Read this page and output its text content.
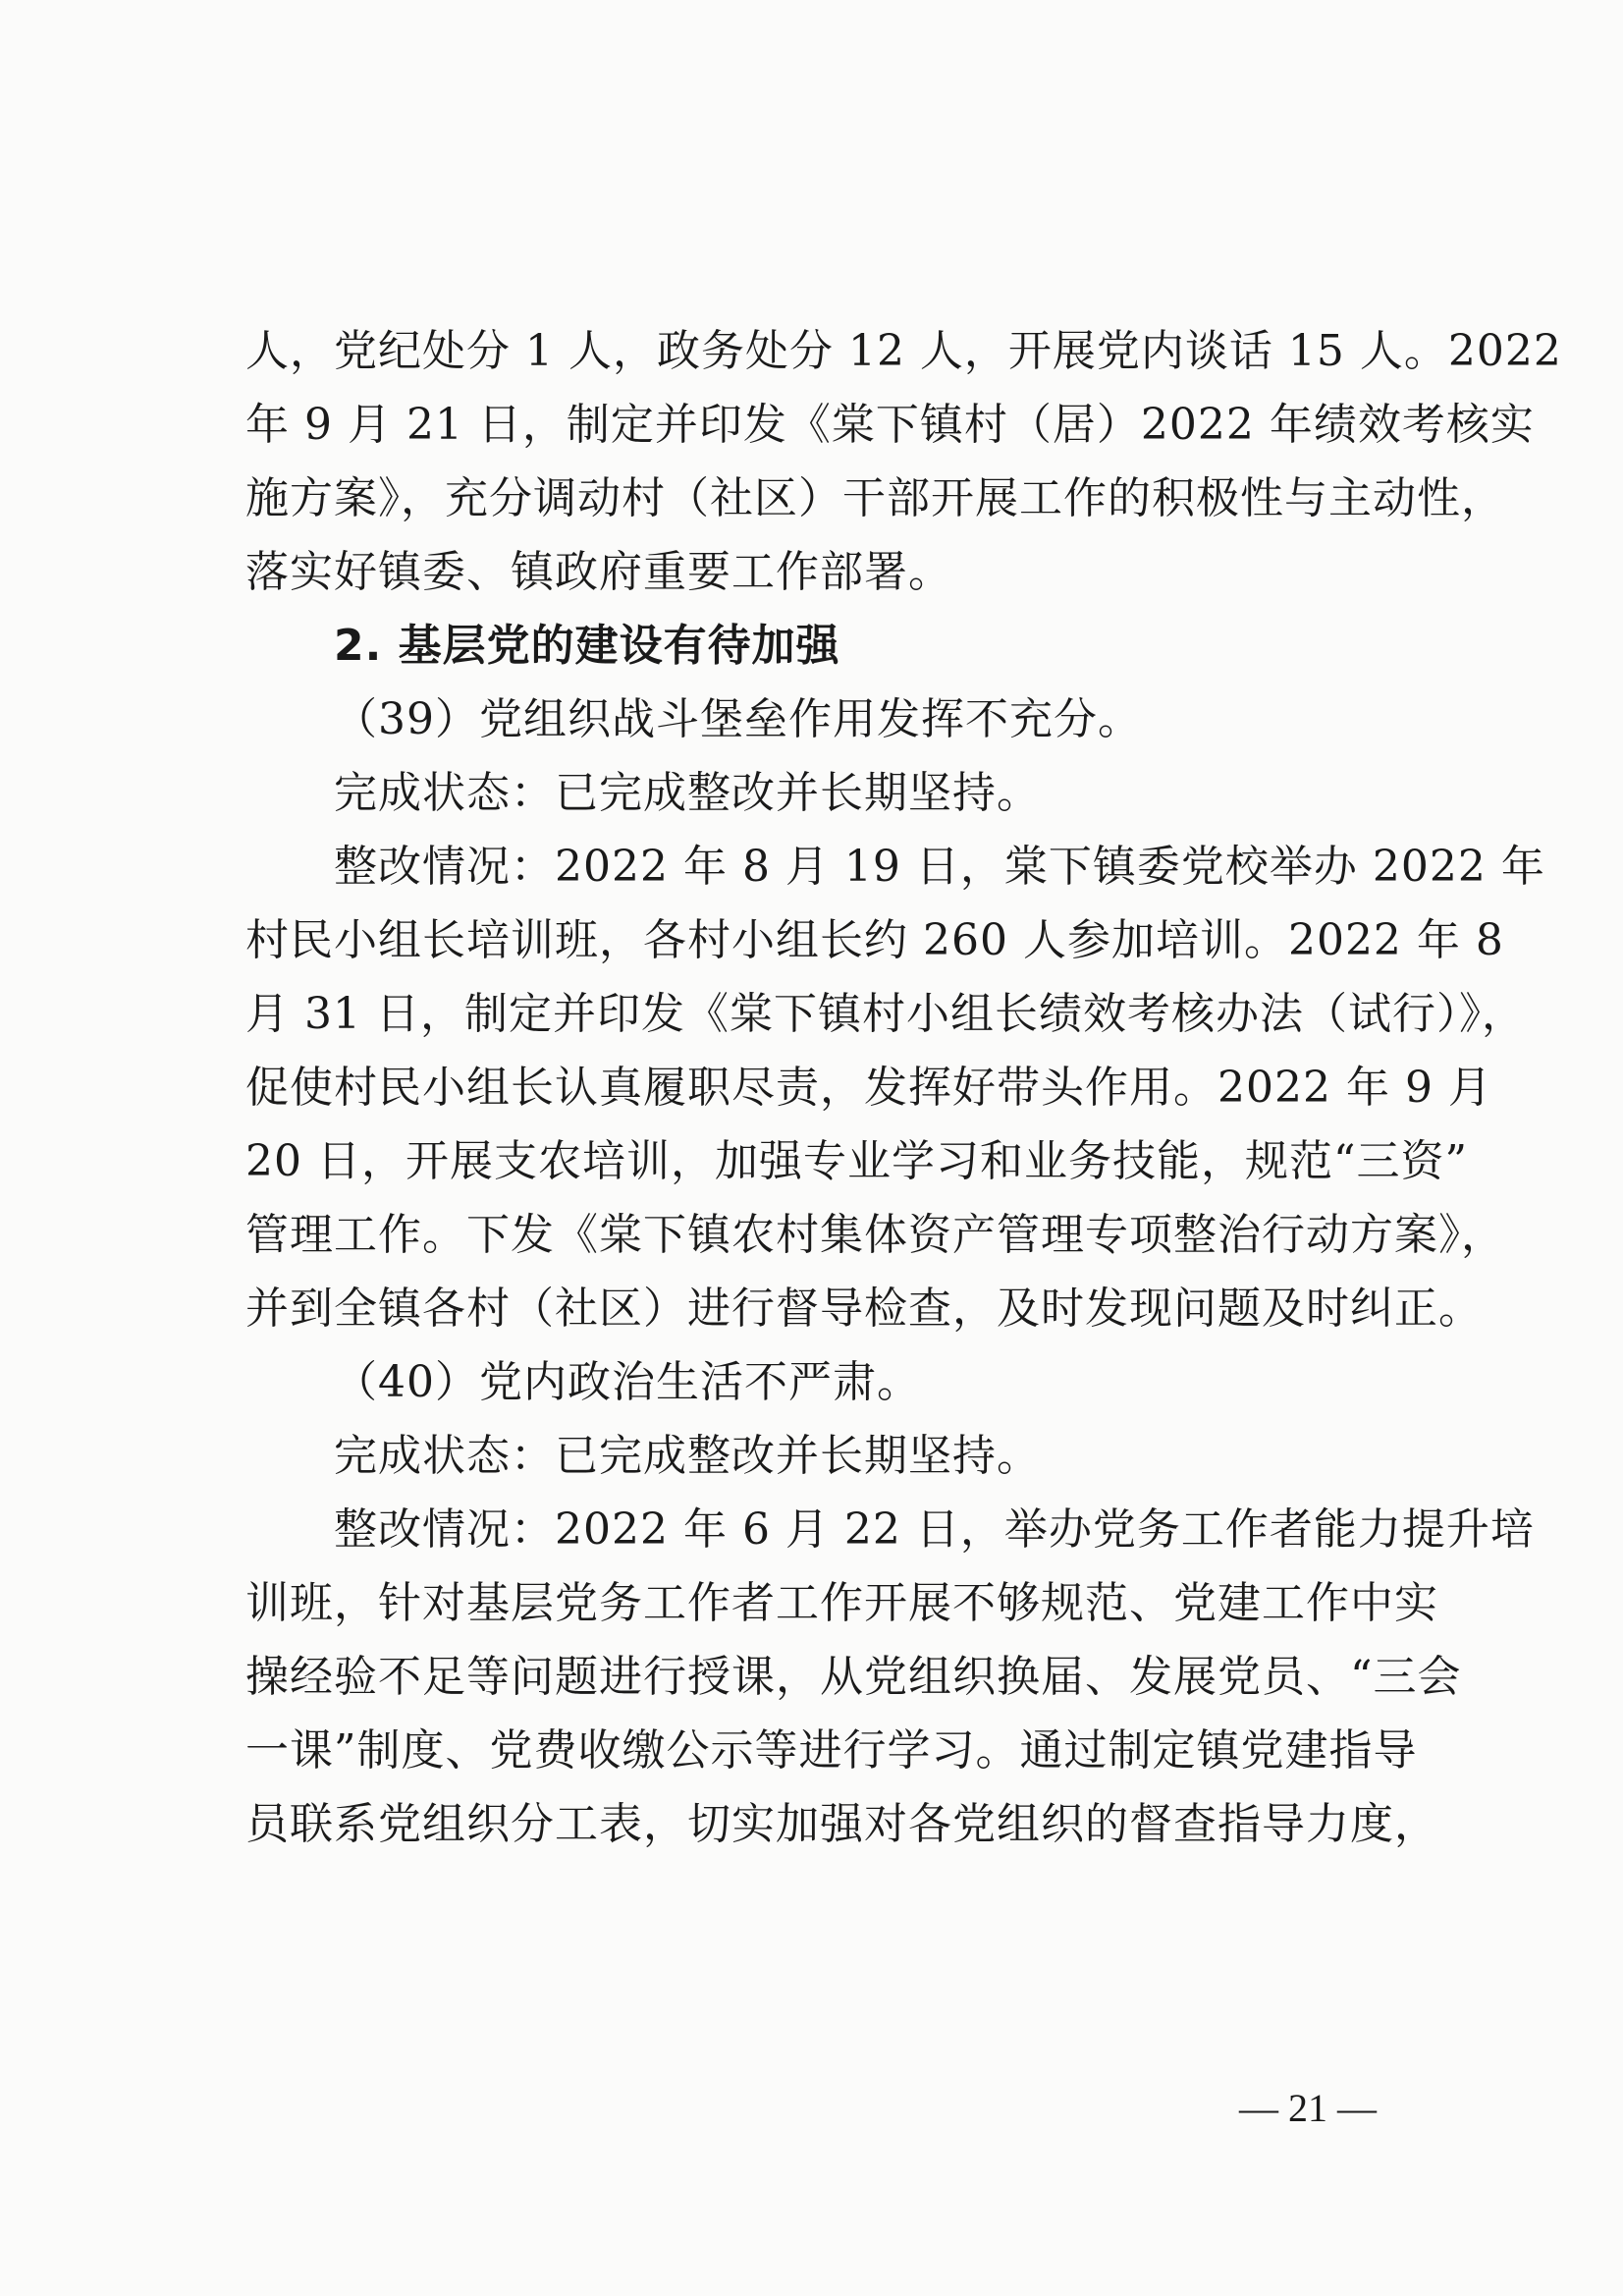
人，党纪处分 1 人，政务处分 12 人，开展党内谈话 15 人。2022
年 9 月 21 日，制定并印发《棠下镇村（居）2022 年绩效考核实
施方案》，充分调动村（社区）干部开展工作的积极性与主动性，
落实好镇委、镇政府重要工作部署。
2. 基层党的建设有待加强
（39）党组织战斗堡垒作用发挥不充分。
完成状态：已完成整改并长期坚持。
整改情况：2022 年 8 月 19 日，棠下镇委党校举办 2022 年
村民小组长培训班，各村小组长约 260 人参加培训。2022 年 8
月 31 日，制定并印发《棠下镇村小组长绩效考核办法（试行）》，
促使村民小组长认真履职尽责，发挥好带头作用。2022 年 9 月
20 日，开展支农培训，加强专业学习和业务技能，规范“三资”
管理工作。下发《棠下镇农村集体资产管理专项整治行动方案》，
并到全镇各村（社区）进行督导检查，及时发现问题及时纠正。
（40）党内政治生活不严肃。
完成状态：已完成整改并长期坚持。
整改情况：2022 年 6 月 22 日，举办党务工作者能力提升培
训班，针对基层党务工作者工作开展不够规范、党建工作中实
操经验不足等问题进行授课，从党组织换届、发展党员、“三会
一课”制度、党费收缴公示等进行学习。通过制定镇党建指导
员联系党组织分工表，切实加强对各党组织的督查指导力度，
— 21 —
